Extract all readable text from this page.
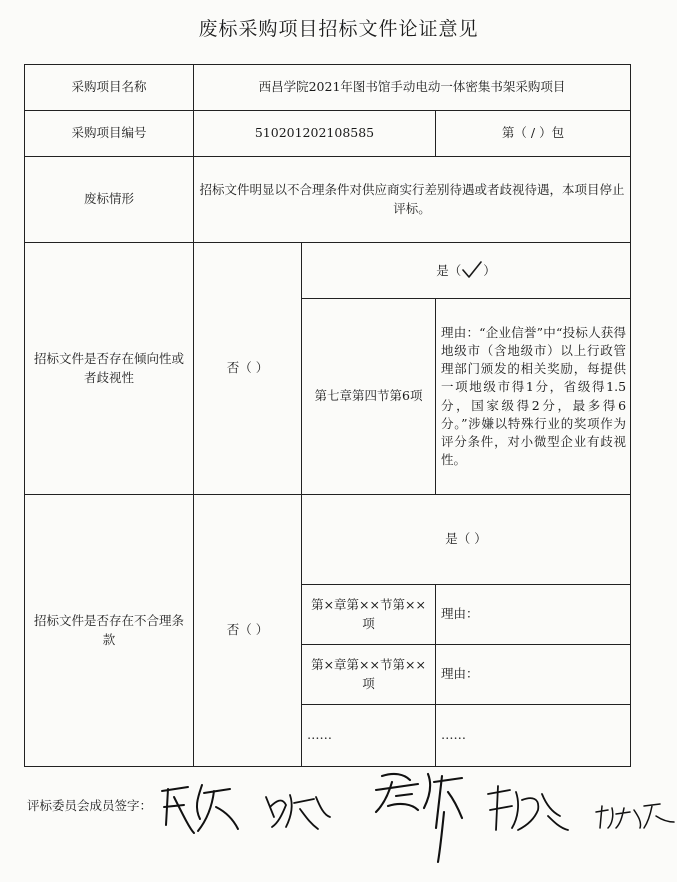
废标采购项目招标文件论证意见
采购项目名称	西昌学院2021年图书馆手动电动一体密集书架采购项目		
采购项目编号	510201202108585		第（ / ）包
废标情形	招标文件明显以不合理条件对供应商实行差别待遇或者歧视待遇，本项目停止评标。		
招标文件是否存在倾向性或者歧视性	否（ ）	是（ ）	
		第七章第四节第6项	理由：“企业信誉”中“投标人获得地级市（含地级市）以上行政管理部门颁发的相关奖励，每提供一项地级市得1分，省级得1.5分，国家级得2分，最多得6分。”涉嫌以特殊行业的奖项作为评分条件，对小微型企业有歧视性。
招标文件是否存在不合理条款	否（ ）	是（ ）	
		第×章第××节第××项	理由：
		第×章第××节第××项	理由：
		……	……
评标委员会成员签字：
